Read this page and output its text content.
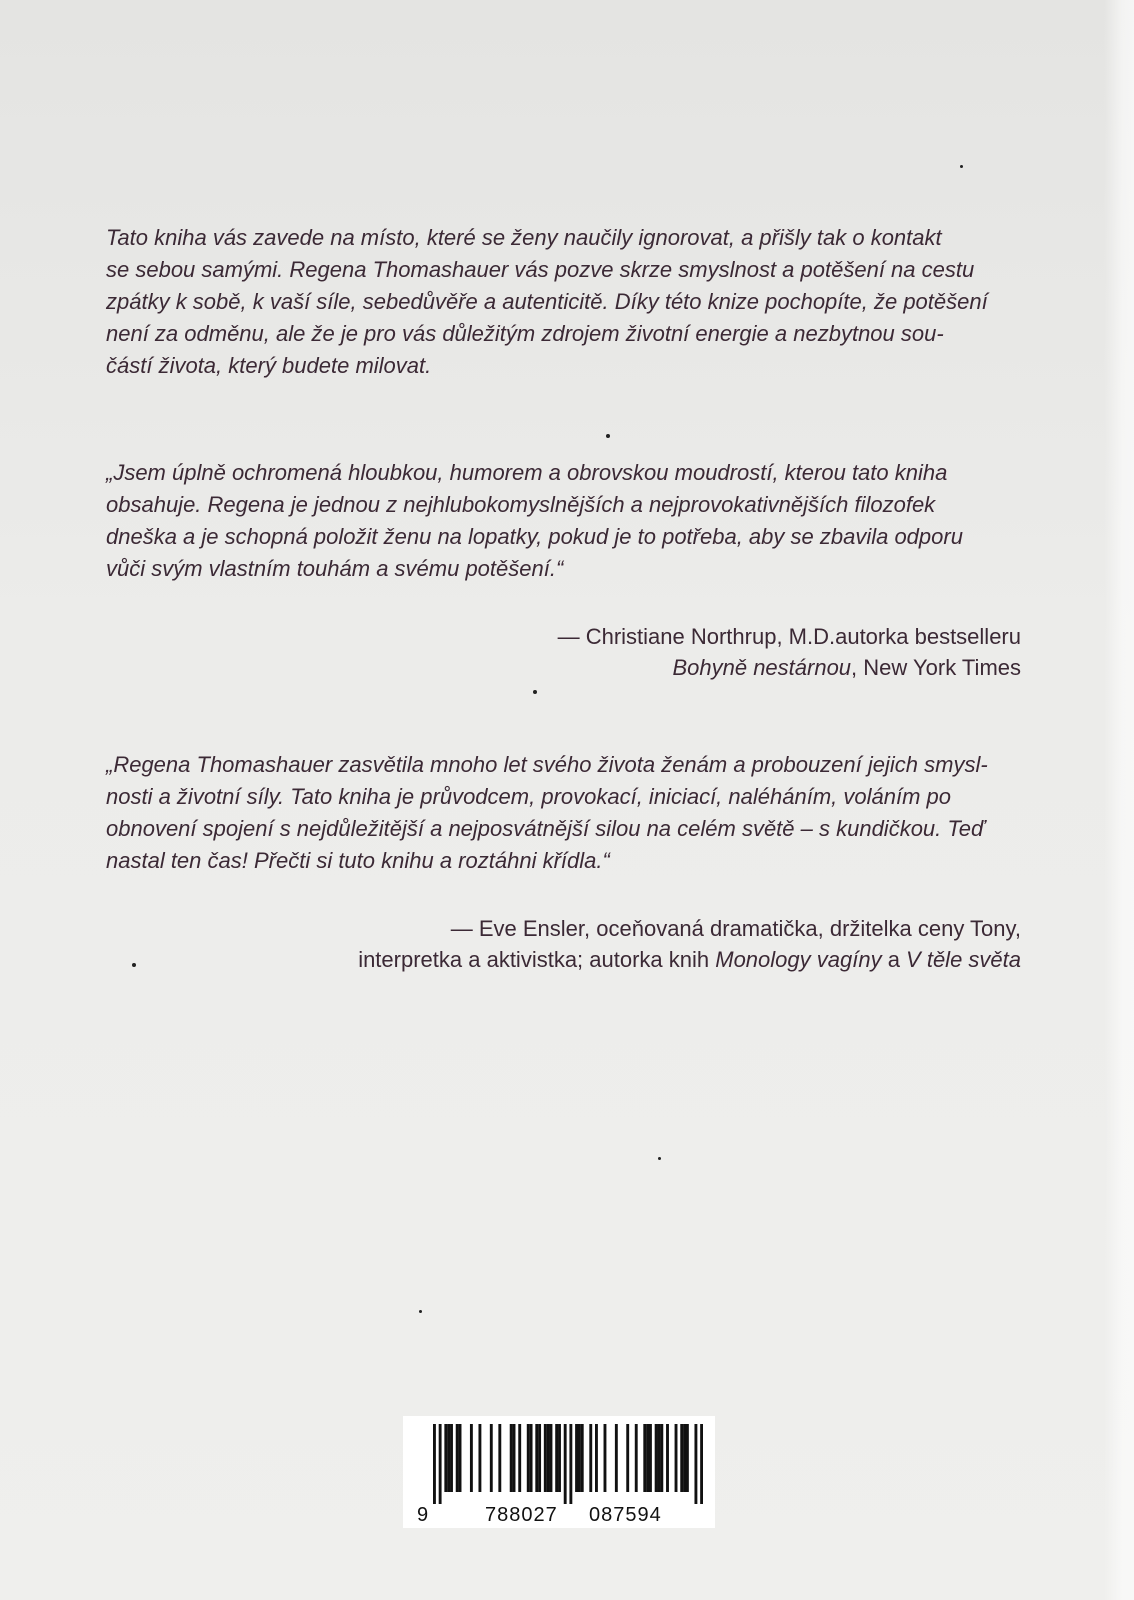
Tato kniha vás zavede na místo, které se ženy naučily ignorovat, a přišly tak o kontakt
se sebou samými. Regena Thomashauer vás pozve skrze smyslnost a potěšení na cestu
zpátky k sobě, k vaší síle, sebedůvěře a autenticitě. Díky této knize pochopíte, že potěšení
není za odměnu, ale že je pro vás důležitým zdrojem životní energie a nezbytnou sou-
částí života, který budete milovat.

„Jsem úplně ochromená hloubkou, humorem a obrovskou moudrostí, kterou tato kniha
obsahuje. Regena je jednou z nejhlubokomyslnějších a nejprovokativnějších filozofek
dneška a je schopná položit ženu na lopatky, pokud je to potřeba, aby se zbavila odporu
vůči svým vlastním touhám a svému potěšení.“

— Christiane Northrup, M.D.autorka bestselleru
Bohyně nestárnou, New York Times

„Regena Thomashauer zasvětila mnoho let svého života ženám a probouzení jejich smysl-
nosti a životní síly. Tato kniha je průvodcem, provokací, iniciací, naléháním, voláním po
obnovení spojení s nejdůležitější a nejposvátnější silou na celém světě – s kundičkou. Teď
nastal ten čas! Přečti si tuto knihu a roztáhni křídla.“

— Eve Ensler, oceňovaná dramatička, držitelka ceny Tony,
interpretka a aktivistka; autorka knih Monology vagíny a V těle světa

9	788027 087594
